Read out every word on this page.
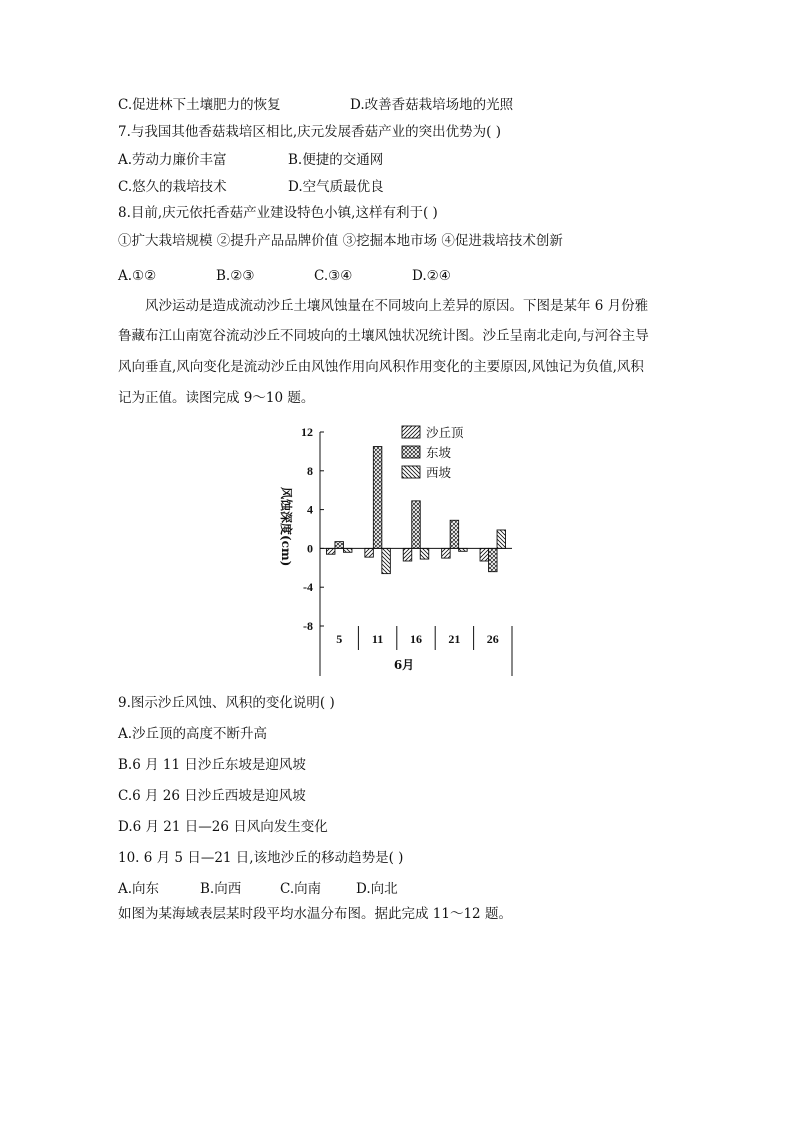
C.促进林下土壤肥力的恢复	D.改善香菇栽培场地的光照
7.与我国其他香菇栽培区相比,庆元发展香菇产业的突出优势为( )
A.劳动力廉价丰富	B.便捷的交通网
C.悠久的栽培技术	D.空气质最优良
8.目前,庆元依托香菇产业建设特色小镇,这样有利于( )
①扩大栽培规模 ②提升产品品牌价值 ③挖掘本地市场 ④促进栽培技术创新
A.①②	B.②③	C.③④	D.②④
风沙运动是造成流动沙丘土壤风蚀量在不同坡向上差异的原因。下图是某年 6 月份雅
鲁藏布江山南宽谷流动沙丘不同坡向的土壤风蚀状况统计图。沙丘呈南北走向,与河谷主导
风向垂直,风向变化是流动沙丘由风蚀作用向风积作用变化的主要原因,风蚀记为负值,风积
记为正值。读图完成 9～10 题。
12
8
4
0
-4
-8
风蚀深度(cm)
5 11 16 21 26
6月
沙丘顶
东坡
西坡
9.图示沙丘风蚀、风积的变化说明( )
A.沙丘顶的高度不断升高
B.6 月 11 日沙丘东坡是迎风坡
C.6 月 26 日沙丘西坡是迎风坡
D.6 月 21 日—26 日风向发生变化
10. 6 月 5 日—21 日,该地沙丘的移动趋势是( )
A.向东	B.向西	C.向南	D.向北
如图为某海域表层某时段平均水温分布图。据此完成 11～12 题。
